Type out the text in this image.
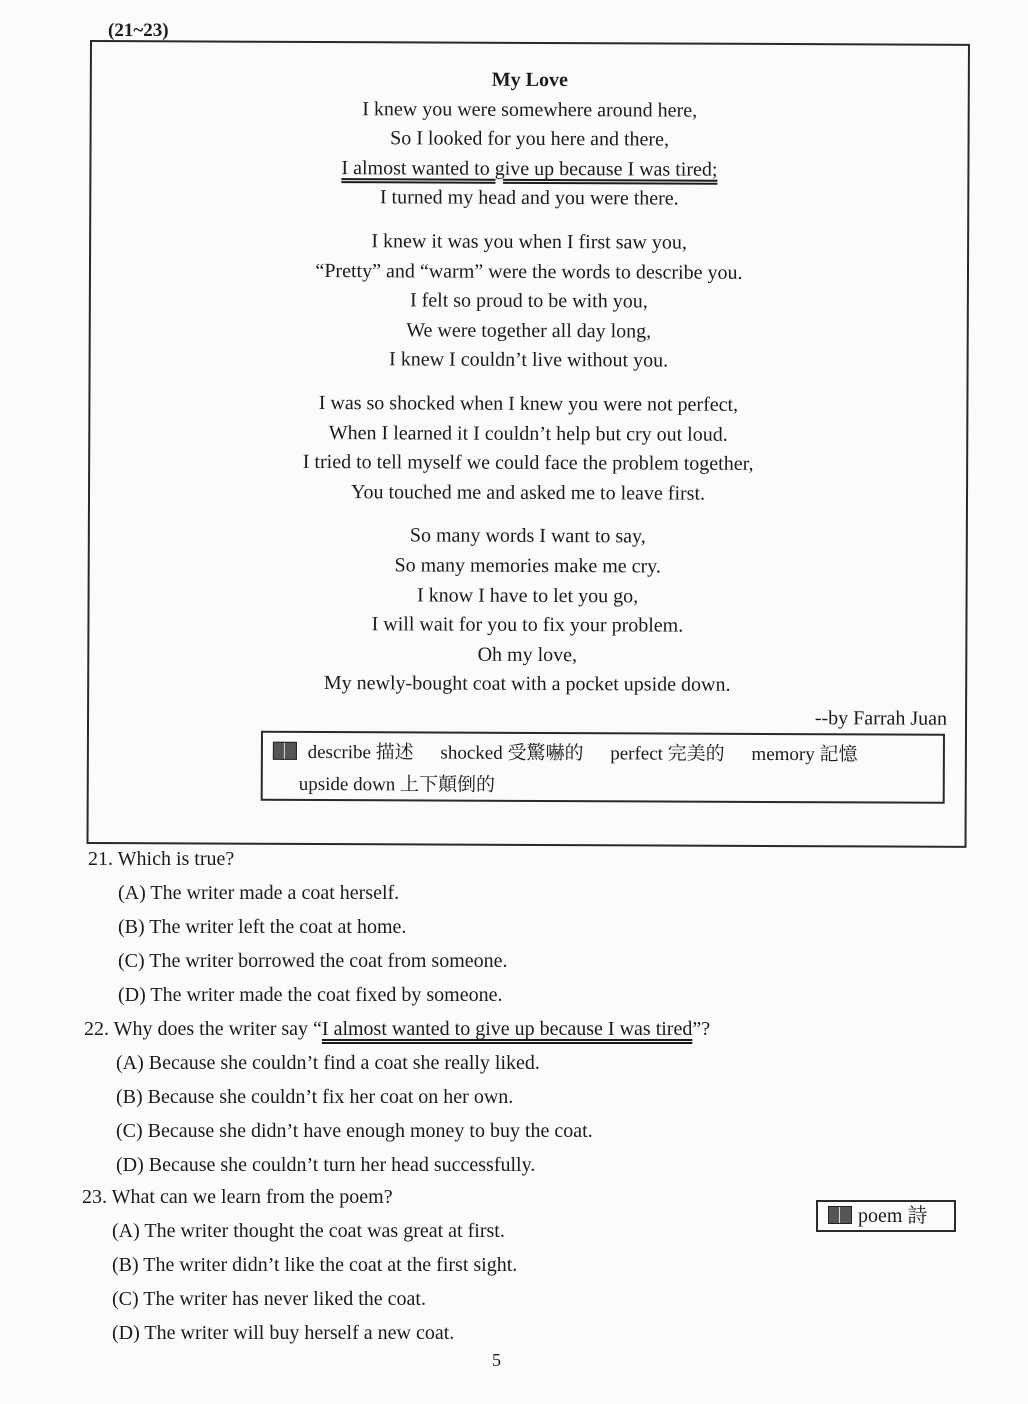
(21~23)
My Love
I knew you were somewhere around here,
So I looked for you here and there,
I almost wanted to give up because I was tired;
I turned my head and you were there.
I knew it was you when I first saw you,
“Pretty” and “warm” were the words to describe you.
I felt so proud to be with you,
We were together all day long,
I knew I couldn’t live without you.
I was so shocked when I knew you were not perfect,
When I learned it I couldn’t help but cry out loud.
I tried to tell myself we could face the problem together,
You touched me and asked me to leave first.
So many words I want to say,
So many memories make me cry.
I know I have to let you go,
I will wait for you to fix your problem.
Oh my love,
My newly-bought coat with a pocket upside down.
--by Farrah Juan
describe 描述 shocked 受驚嚇的 perfect 完美的 memory 記憶
upside down 上下顛倒的
21. Which is true?
(A) The writer made a coat herself.
(B) The writer left the coat at home.
(C) The writer borrowed the coat from someone.
(D) The writer made the coat fixed by someone.
22. Why does the writer say “I almost wanted to give up because I was tired”?
(A) Because she couldn’t find a coat she really liked.
(B) Because she couldn’t fix her coat on her own.
(C) Because she didn’t have enough money to buy the coat.
(D) Because she couldn’t turn her head successfully.
23. What can we learn from the poem?
(A) The writer thought the coat was great at first.
(B) The writer didn’t like the coat at the first sight.
(C) The writer has never liked the coat.
(D) The writer will buy herself a new coat.
poem 詩
5
